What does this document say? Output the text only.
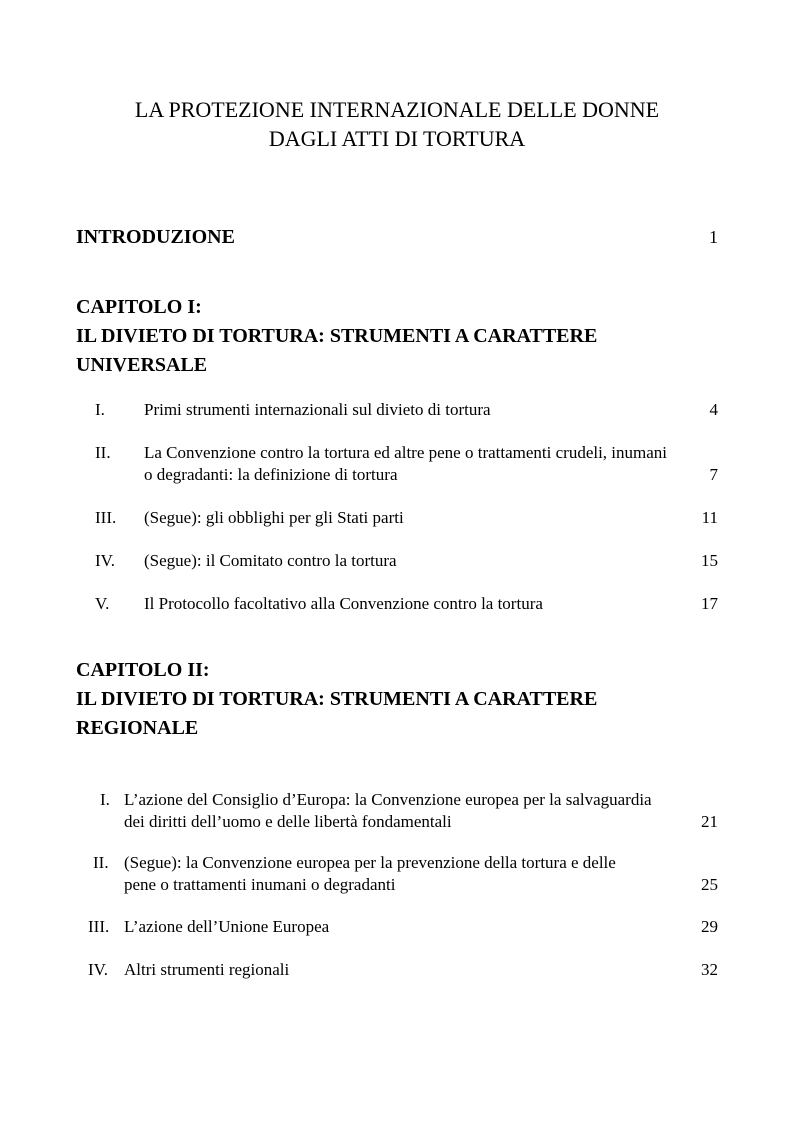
LA PROTEZIONE INTERNAZIONALE DELLE DONNE
DAGLI ATTI DI TORTURA
INTRODUZIONE	1
CAPITOLO I:
IL DIVIETO DI TORTURA: STRUMENTI A CARATTERE
UNIVERSALE
I. Primi strumenti internazionali sul divieto di tortura	4
II. La Convenzione contro la tortura ed altre pene o trattamenti crudeli, inumani
o degradanti: la definizione di tortura	7
III. (Segue): gli obblighi per gli Stati parti	11
IV. (Segue): il Comitato contro la tortura	15
V. Il Protocollo facoltativo alla Convenzione contro la tortura	17
CAPITOLO II:
IL DIVIETO DI TORTURA: STRUMENTI A CARATTERE
REGIONALE
I. L’azione del Consiglio d’Europa: la Convenzione europea per la salvaguardia
dei diritti dell’uomo e delle libertà fondamentali	21
II. (Segue): la Convenzione europea per la prevenzione della tortura e delle
pene o trattamenti inumani o degradanti	25
III. L’azione dell’Unione Europea	29
IV. Altri strumenti regionali	32
